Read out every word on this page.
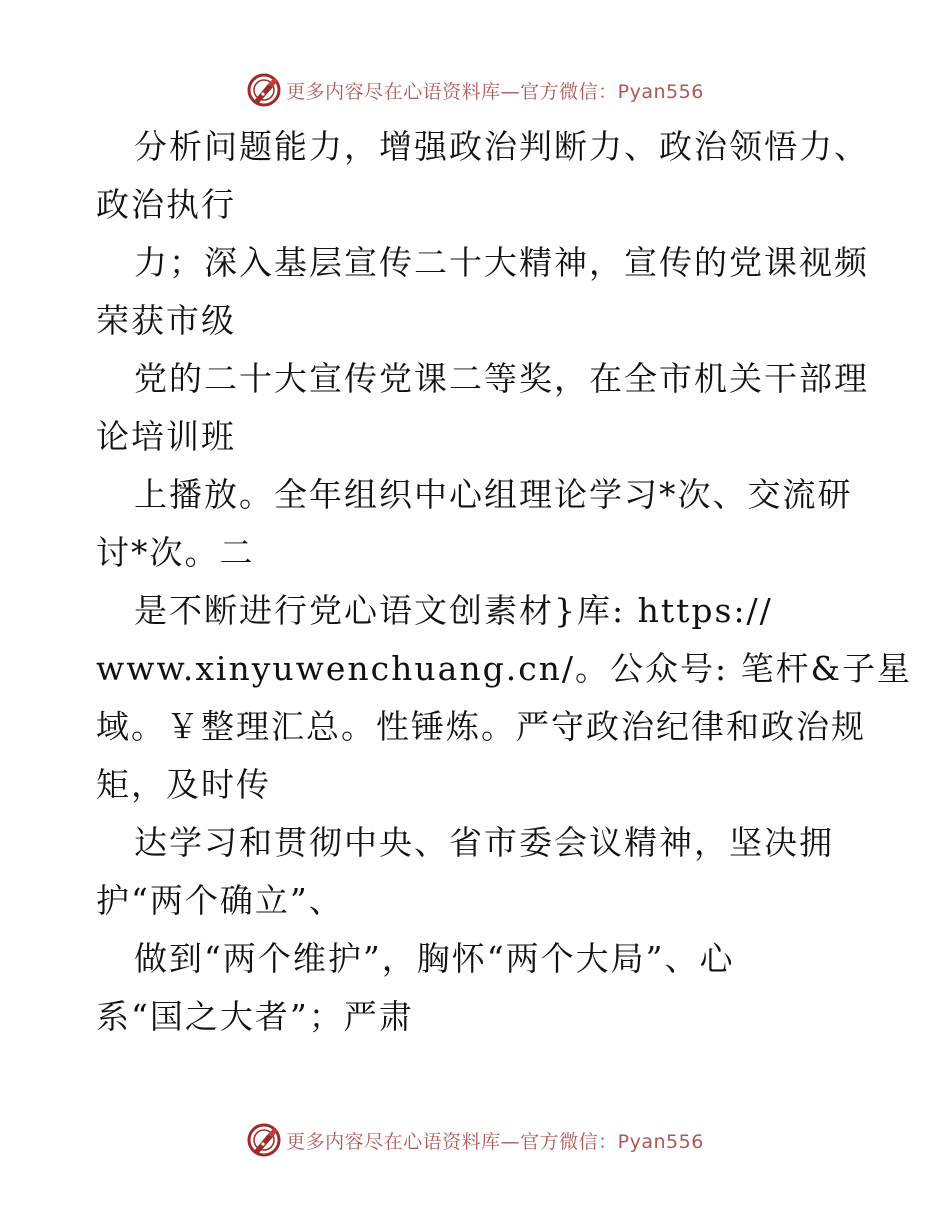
更多内容尽在心语资料库—官方微信：Pyan556
分析问题能力，增强政治判断力、政治领悟力、
政治执行
力；深入基层宣传二十大精神，宣传的党课视频
荣获市级
党的二十大宣传党课二等奖，在全市机关干部理
论培训班
上播放。全年组织中心组理论学习*次、交流研
讨*次。二
是不断进行党心语文创素材}库: https://
www.xinyuwenchuang.cn/。公众号: 笔杆&子星
域。￥整理汇总。性锤炼。严守政治纪律和政治规
矩，及时传
达学习和贯彻中央、省市委会议精神，坚决拥
护“两个确立”、
做到“两个维护”，胸怀“两个大局”、心
系“国之大者”；严肃
更多内容尽在心语资料库—官方微信：Pyan556
